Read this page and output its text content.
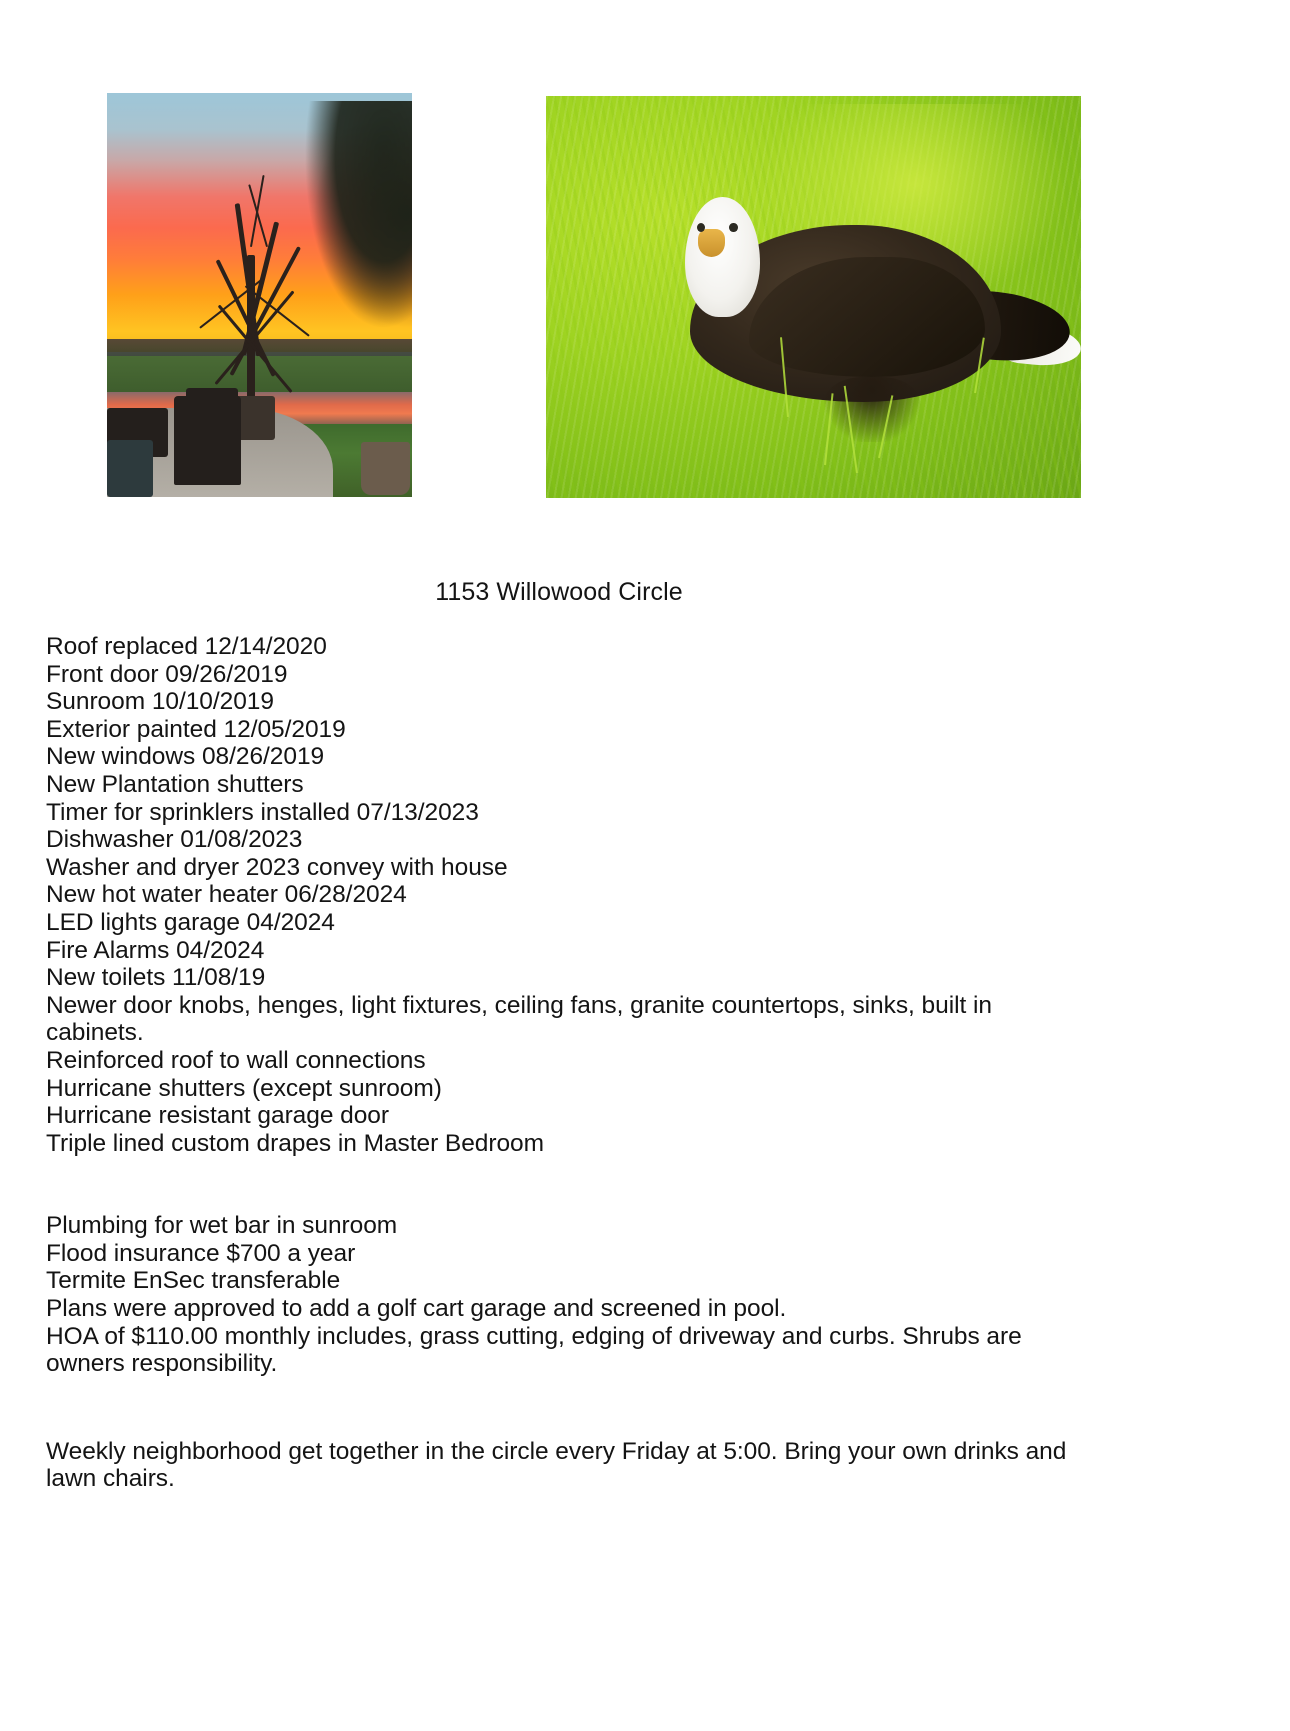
1153 Willowood Circle

Roof replaced 12/14/2020

Front door 09/26/2019

Sunroom 10/10/2019

Exterior painted 12/05/2019

New windows 08/26/2019

New Plantation shutters

Timer for sprinklers installed 07/13/2023

Dishwasher 01/08/2023

Washer and dryer 2023 convey with house

New hot water heater 06/28/2024

LED lights garage 04/2024

Fire Alarms 04/2024

New toilets 11/08/19

Newer door knobs, henges, light fixtures, ceiling fans, granite countertops, sinks, built in cabinets.

Reinforced roof to wall connections

Hurricane shutters (except sunroom)

Hurricane resistant garage door

Triple lined custom drapes in Master Bedroom

Plumbing for wet bar in sunroom

Flood insurance $700 a year

Termite EnSec transferable

Plans were approved to add a golf cart garage and screened in pool.

HOA of $110.00 monthly includes, grass cutting, edging of driveway and curbs. Shrubs are owners responsibility.

Weekly neighborhood get together in the circle every Friday at 5:00. Bring your own drinks and lawn chairs.
